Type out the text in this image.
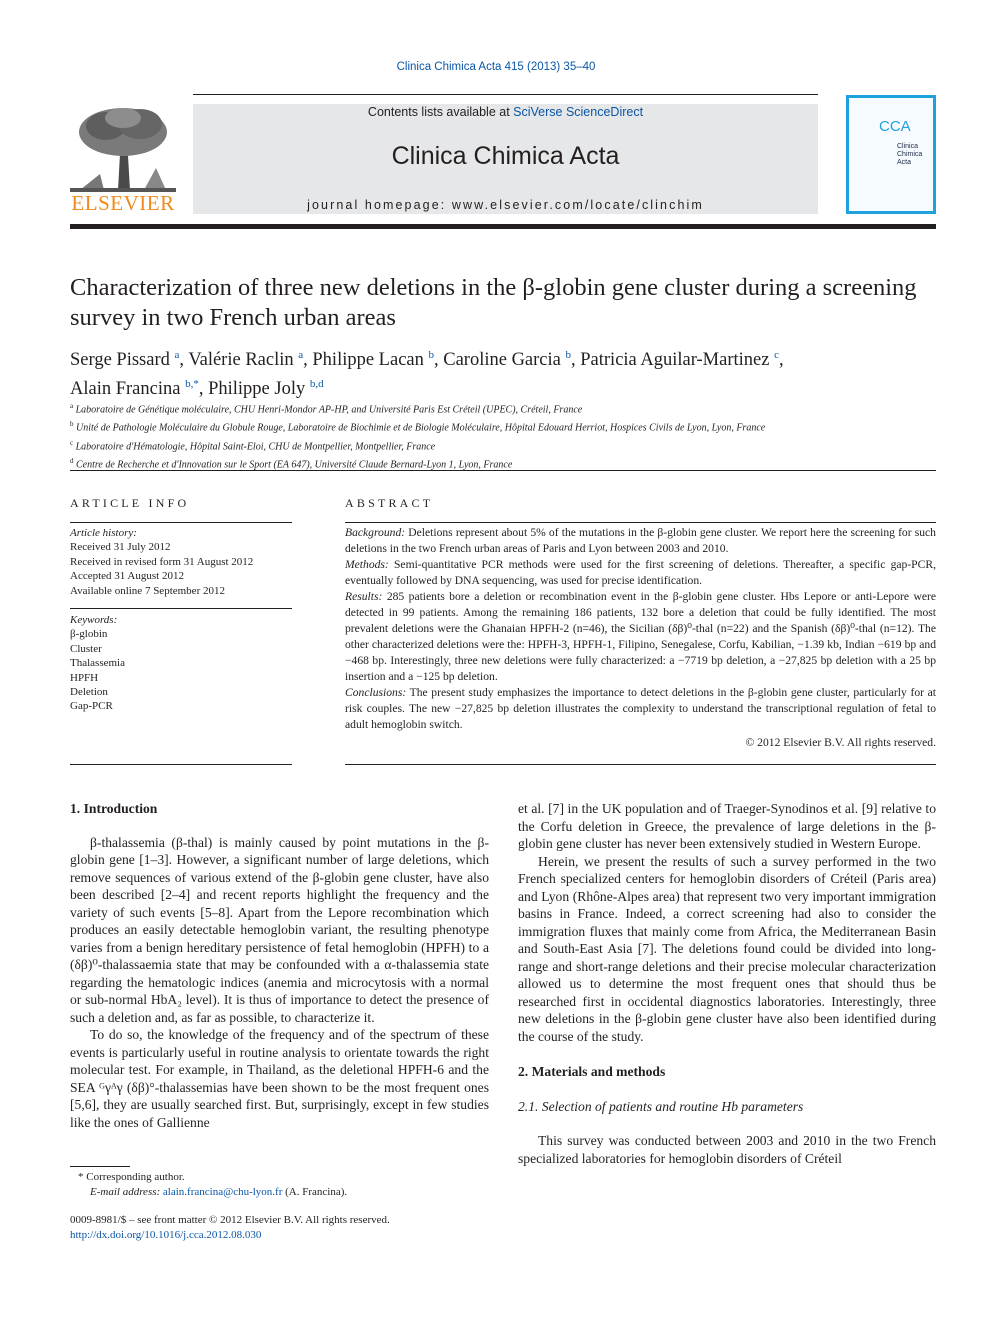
Clinica Chimica Acta 415 (2013) 35–40
ELSEVIER
Contents lists available at SciVerse ScienceDirect
Clinica Chimica Acta
journal homepage: www.elsevier.com/locate/clinchim
CCA
Clinica
Chimica
Acta
Characterization of three new deletions in the β-globin gene cluster during a screening survey in two French urban areas
Serge Pissard $^a$, Valérie Raclin $^a$, Philippe Lacan $^b$, Caroline Garcia $^b$, Patricia Aguilar-Martinez $^c$,
Alain Francina $^{b,*}$, Philippe Joly $^{b,d}$
$^a$ Laboratoire de Génétique moléculaire, CHU Henri-Mondor AP-HP, and Université Paris Est Créteil (UPEC), Créteil, France
$^b$ Unité de Pathologie Moléculaire du Globule Rouge, Laboratoire de Biochimie et de Biologie Moléculaire, Hôpital Edouard Herriot, Hospices Civils de Lyon, Lyon, France
$^c$ Laboratoire d'Hématologie, Hôpital Saint-Eloi, CHU de Montpellier, Montpellier, France
$^d$ Centre de Recherche et d'Innovation sur le Sport (EA 647), Université Claude Bernard-Lyon 1, Lyon, France
ARTICLE INFO
Article history:
Received 31 July 2012
Received in revised form 31 August 2012
Accepted 31 August 2012
Available online 7 September 2012
Keywords:
β-globin
Cluster
Thalassemia
HPFH
Deletion
Gap-PCR
ABSTRACT

Background: Deletions represent about 5% of the mutations in the β-globin gene cluster. We report here the screening for such deletions in the two French urban areas of Paris and Lyon between 2003 and 2010.

Methods: Semi-quantitative PCR methods were used for the first screening of deletions. Thereafter, a specific gap-PCR, eventually followed by DNA sequencing, was used for precise identification.

Results: 285 patients bore a deletion or recombination event in the β-globin gene cluster. Hbs Lepore or anti-Lepore were detected in 99 patients. Among the remaining 186 patients, 132 bore a deletion that could be fully identified. The most prevalent deletions were the Ghanaian HPFH-2 (n=46), the Sicilian (δβ)⁰-thal (n=22) and the Spanish (δβ)⁰-thal (n=12). The other characterized deletions were the: HPFH-3, HPFH-1, Filipino, Senegalese, Corfu, Kabilian, −1.39 kb, Indian −619 bp and −468 bp. Interestingly, three new deletions were fully characterized: a −7719 bp deletion, a −27,825 bp deletion with a 25 bp insertion and a −125 bp deletion.

Conclusions: The present study emphasizes the importance to detect deletions in the β-globin gene cluster, particularly for at risk couples. The new −27,825 bp deletion illustrates the complexity to understand the transcriptional regulation of fetal to adult hemoglobin switch.

© 2012 Elsevier B.V. All rights reserved.

1. Introduction

β-thalassemia (β-thal) is mainly caused by point mutations in the β-globin gene [1–3]. However, a significant number of large deletions, which remove sequences of various extend of the β-globin gene cluster, have also been described [2–4] and recent reports highlight the frequency and the variety of such events [5–8]. Apart from the Lepore recombination which produces an easily detectable hemoglobin variant, the resulting phenotype varies from a benign hereditary persistence of fetal hemoglobin (HPFH) to a (δβ)⁰-thalassaemia state that may be confounded with a α-thalassemia state regarding the hematologic indices (anemia and microcytosis with a normal or sub-normal HbA₂ level). It is thus of importance to detect the presence of such a deletion and, as far as possible, to characterize it.

To do so, the knowledge of the frequency and of the spectrum of these events is particularly useful in routine analysis to orientate towards the right molecular test. For example, in Thailand, as the deletional HPFH-6 and the SEA ᴳγᴬγ (δβ)°-thalassemias have been shown to be the most frequent ones [5,6], they are usually searched first. But, surprisingly, except in few studies like the ones of Gallienne

et al. [7] in the UK population and of Traeger-Synodinos et al. [9] relative to the Corfu deletion in Greece, the prevalence of large deletions in the β-globin gene cluster has never been extensively studied in Western Europe.

Herein, we present the results of such a survey performed in the two French specialized centers for hemoglobin disorders of Créteil (Paris area) and Lyon (Rhône-Alpes area) that represent two very important immigration basins in France. Indeed, a correct screening had also to consider the immigration fluxes that mainly come from Africa, the Mediterranean Basin and South-East Asia [7]. The deletions found could be divided into long-range and short-range deletions and their precise molecular characterization allowed us to determine the most frequent ones that should thus be researched first in occidental diagnostics laboratories. Interestingly, three new deletions in the β-globin gene cluster have also been identified during the course of the study.

2. Materials and methods
2.1. Selection of patients and routine Hb parameters

This survey was conducted between 2003 and 2010 in the two French specialized laboratories for hemoglobin disorders of Créteil

* Corresponding author.
E-mail address: alain.francina@chu-lyon.fr (A. Francina).
0009-8981/$ – see front matter © 2012 Elsevier B.V. All rights reserved.
http://dx.doi.org/10.1016/j.cca.2012.08.030
